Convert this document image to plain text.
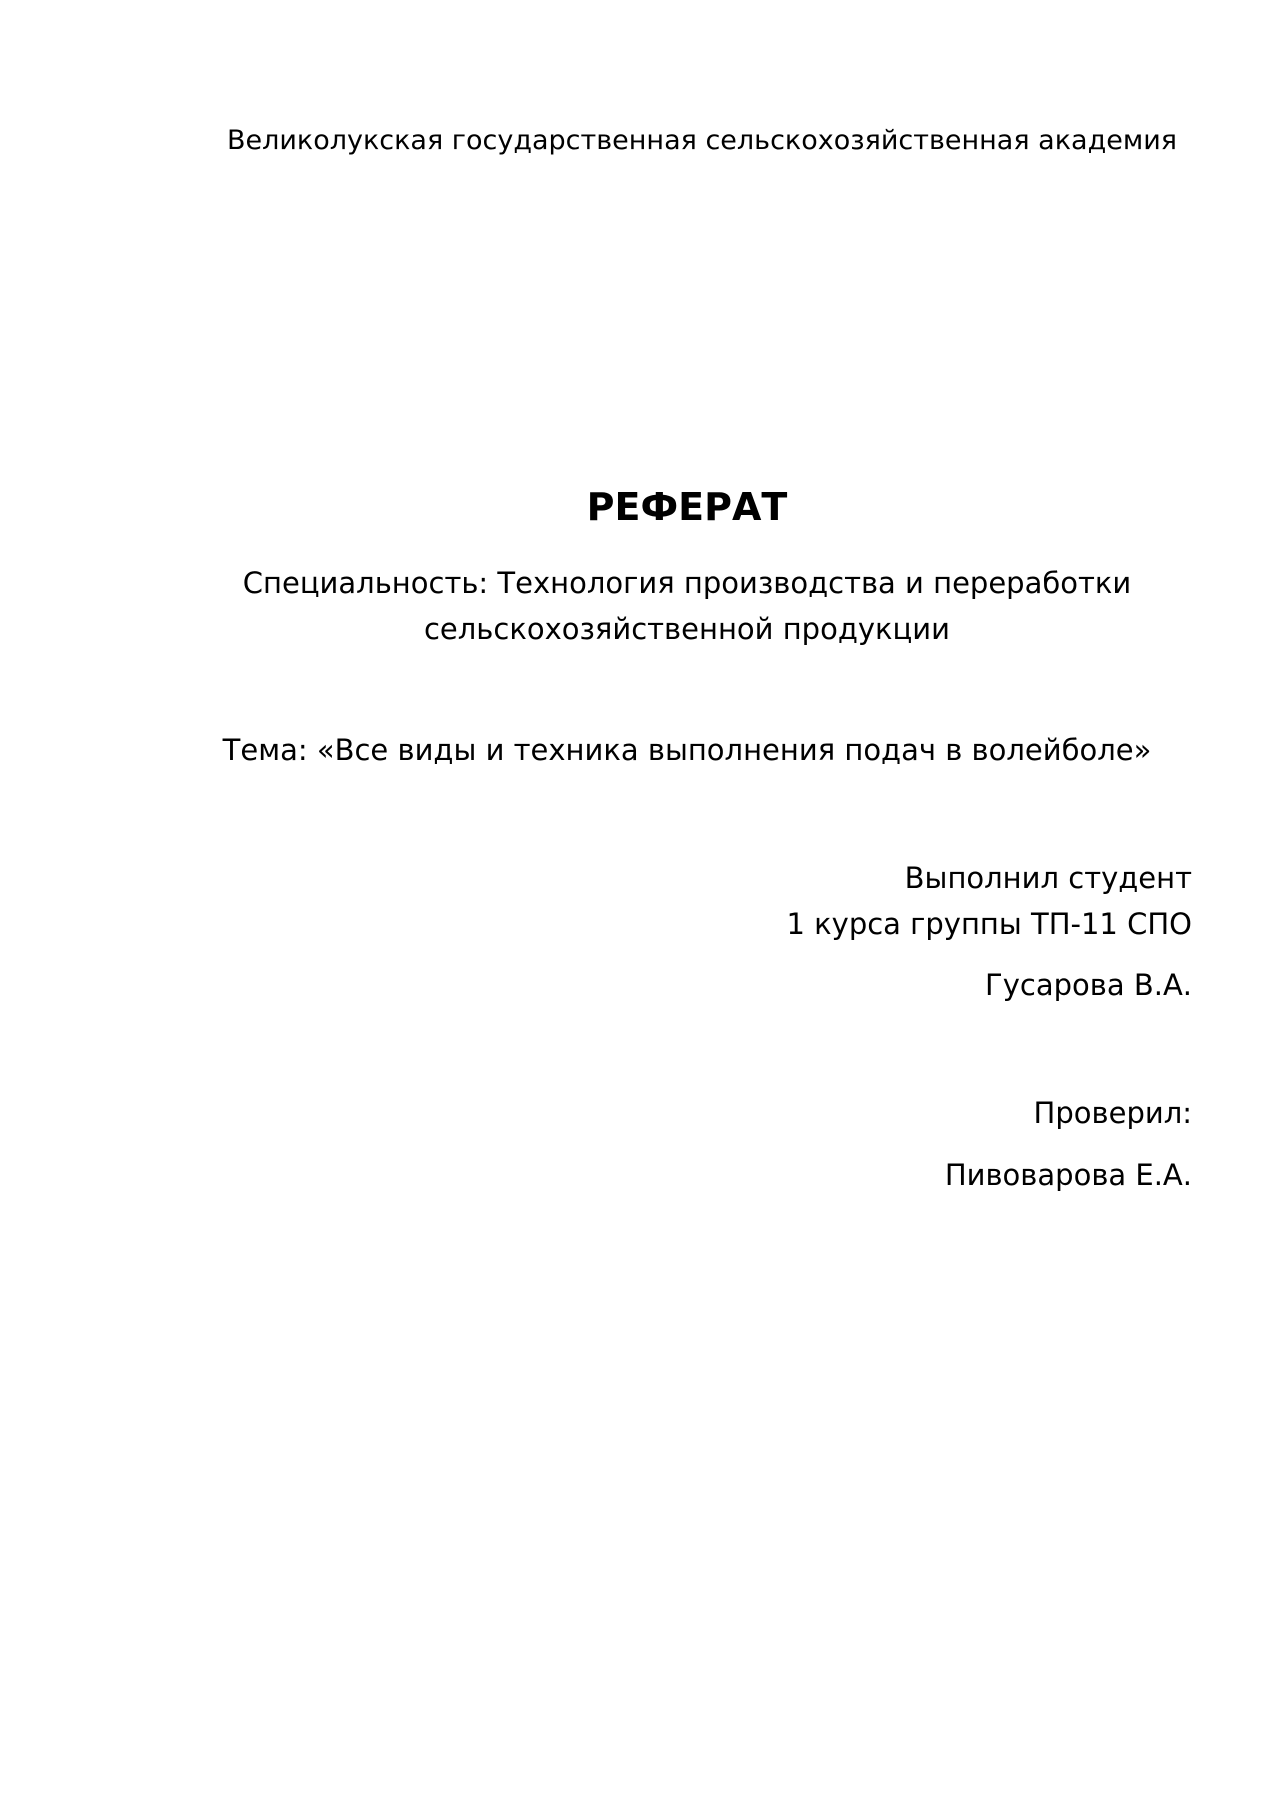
Великолукская государственная сельскохозяйственная академия

РЕФЕРАТ
Специальность: Технология производства и переработки
сельскохозяйственной продукции

Тема: «Все виды и техника выполнения подач в волейболе»

Выполнил студент

1 курса группы ТП-11 СПО

Гусарова В.А.

Проверил:

Пивоварова Е.А.
